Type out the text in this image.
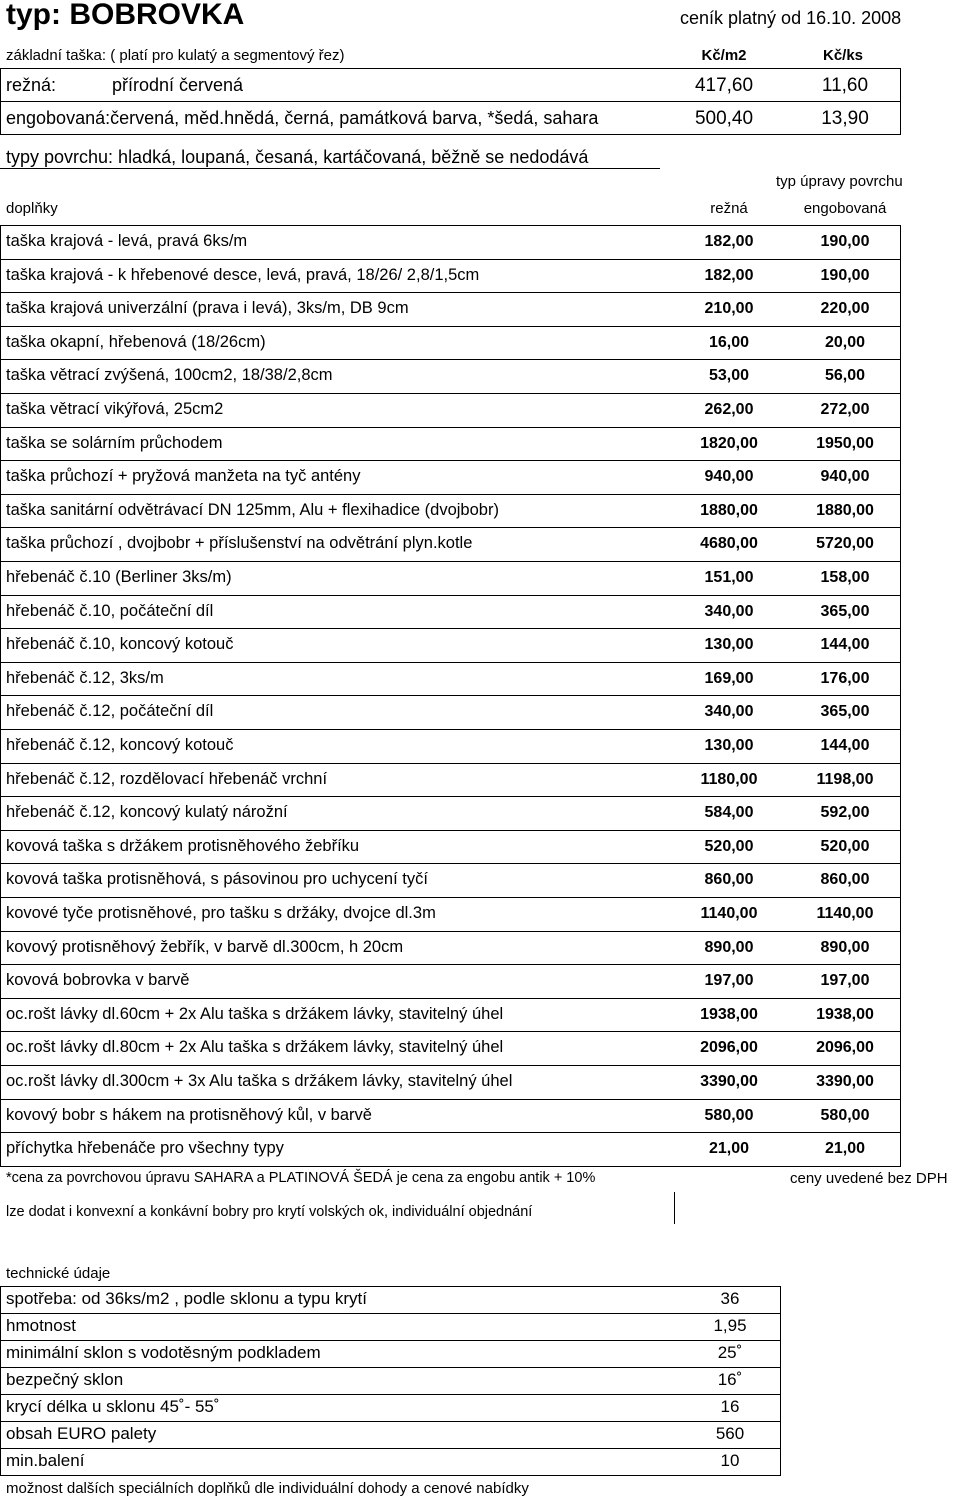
typ: BOBROVKA	ceník platný od 16.10. 2008
základní taška: ( platí pro kulatý a segmentový řez)	Kč/m2	Kč/ks
režná:	přírodní červená	417,60	11,60
engobovaná:červená, měd.hnědá, černá, památková barva, *šedá, sahara	500,40	13,90
typy povrchu: hladká, loupaná, česaná, kartáčovaná, běžně se nedodává
typ úpravy povrchu
doplňky	režná	engobovaná
taška krajová - levá, pravá 6ks/m	182,00	190,00
taška krajová - k hřebenové desce, levá, pravá, 18/26/ 2,8/1,5cm	182,00	190,00
taška krajová univerzální (prava i levá), 3ks/m, DB 9cm	210,00	220,00
taška okapní, hřebenová (18/26cm)	16,00	20,00
taška větrací zvýšená, 100cm2, 18/38/2,8cm	53,00	56,00
taška větrací vikýřová, 25cm2	262,00	272,00
taška se solárním průchodem	1820,00	1950,00
taška průchozí + pryžová manžeta na tyč antény	940,00	940,00
taška sanitární odvětrávací DN 125mm, Alu + flexihadice (dvojbobr)	1880,00	1880,00
taška průchozí , dvojbobr + příslušenství na odvětrání plyn.kotle	4680,00	5720,00
hřebenáč č.10 (Berliner 3ks/m)	151,00	158,00
hřebenáč č.10, počáteční díl	340,00	365,00
hřebenáč č.10, koncový kotouč	130,00	144,00
hřebenáč č.12, 3ks/m	169,00	176,00
hřebenáč č.12, počáteční díl	340,00	365,00
hřebenáč č.12, koncový kotouč	130,00	144,00
hřebenáč č.12, rozdělovací hřebenáč vrchní	1180,00	1198,00
hřebenáč č.12, koncový kulatý nárožní	584,00	592,00
kovová taška s držákem protisněhového žebříku	520,00	520,00
kovová taška protisněhová, s pásovinou pro uchycení tyčí	860,00	860,00
kovové tyče protisněhové, pro tašku s držáky, dvojce dl.3m	1140,00	1140,00
kovový protisněhový žebřík, v barvě dl.300cm, h 20cm	890,00	890,00
kovová bobrovka v barvě	197,00	197,00
oc.rošt lávky dl.60cm + 2x Alu taška s držákem lávky, stavitelný úhel	1938,00	1938,00
oc.rošt lávky dl.80cm + 2x Alu taška s držákem lávky, stavitelný úhel	2096,00	2096,00
oc.rošt lávky dl.300cm + 3x Alu taška s držákem lávky, stavitelný úhel	3390,00	3390,00
kovový bobr s hákem na protisněhový kůl, v barvě	580,00	580,00
příchytka hřebenáče pro všechny typy	21,00	21,00
*cena za povrchovou úpravu SAHARA a PLATINOVÁ ŠEDÁ je cena za engobu antik + 10%	ceny uvedené bez DPH
lze dodat i konvexní a konkávní bobry pro krytí volských ok, individuální objednání
technické údaje
spotřeba: od 36ks/m2 , podle sklonu a typu krytí	36
hmotnost	1,95
minimální sklon s vodotěsným podkladem	25˚
bezpečný sklon	16˚
krycí délka u sklonu 45˚- 55˚	16
obsah EURO palety	560
min.balení	10
možnost dalších speciálních doplňků dle individuální dohody a cenové nabídky
